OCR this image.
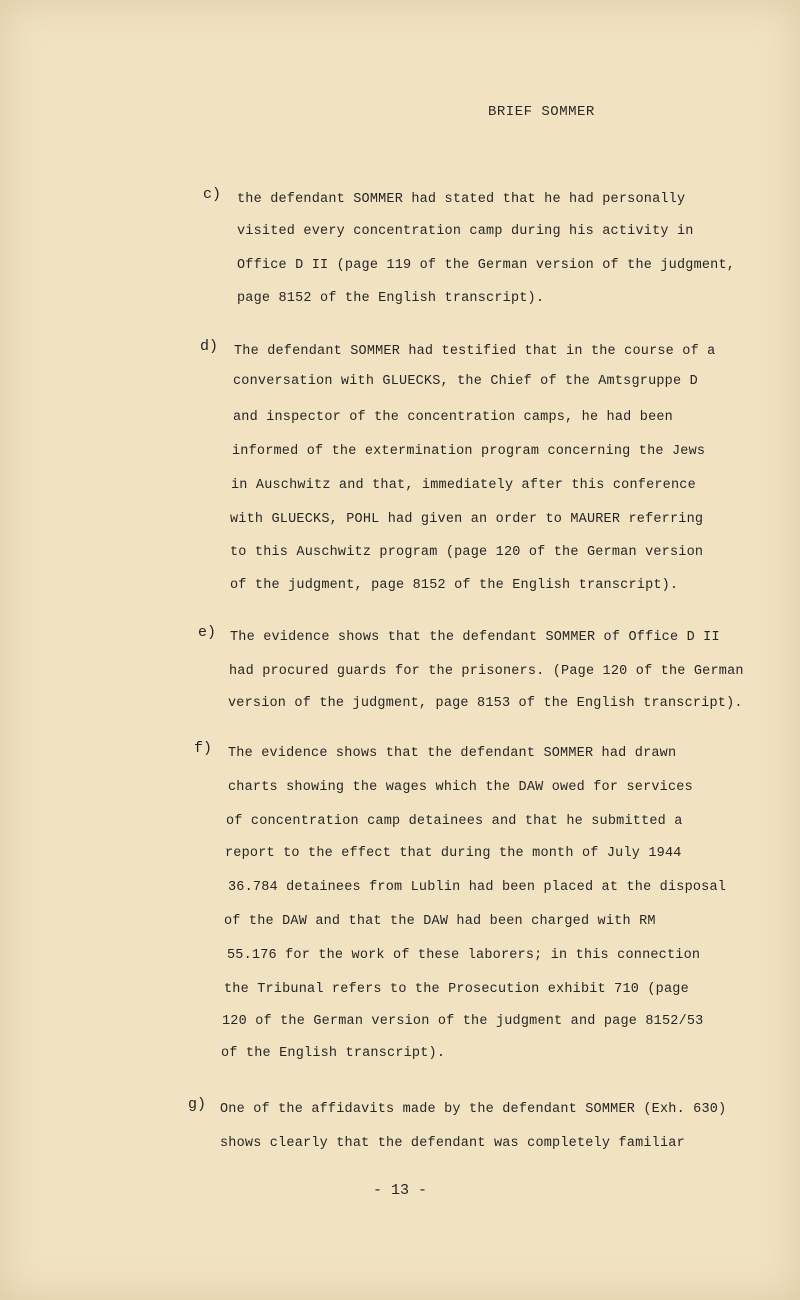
BRIEF SOMMER
c) the defendant SOMMER had stated that he had personally
visited every concentration camp during his activity in
Office D II (page 119 of the German version of the judgment,
page 8152 of the English transcript).
d) The defendant SOMMER had testified that in the course of a
conversation with GLUECKS, the Chief of the Amtsgruppe D
and inspector of the concentration camps, he had been
informed of the extermination program concerning the Jews
in Auschwitz and that, immediately after this conference
with GLUECKS, POHL had given an order to MAURER referring
to this Auschwitz program (page 120 of the German version
of the judgment, page 8152 of the English transcript).
e) The evidence shows that the defendant SOMMER of Office D II
had procured guards for the prisoners. (Page 120 of the German
version of the judgment, page 8153 of the English transcript).
f) The evidence shows that the defendant SOMMER had drawn
charts showing the wages which the DAW owed for services
of concentration camp detainees and that he submitted a
report to the effect that during the month of July 1944
36.784 detainees from Lublin had been placed at the disposal
of the DAW and that the DAW had been charged with RM
55.176 for the work of these laborers; in this connection
the Tribunal refers to the Prosecution exhibit 710 (page
120 of the German version of the judgment and page 8152/53
of the English transcript).
g) One of the affidavits made by the defendant SOMMER (Exh. 630)
shows clearly that the defendant was completely familiar
- 13 -
